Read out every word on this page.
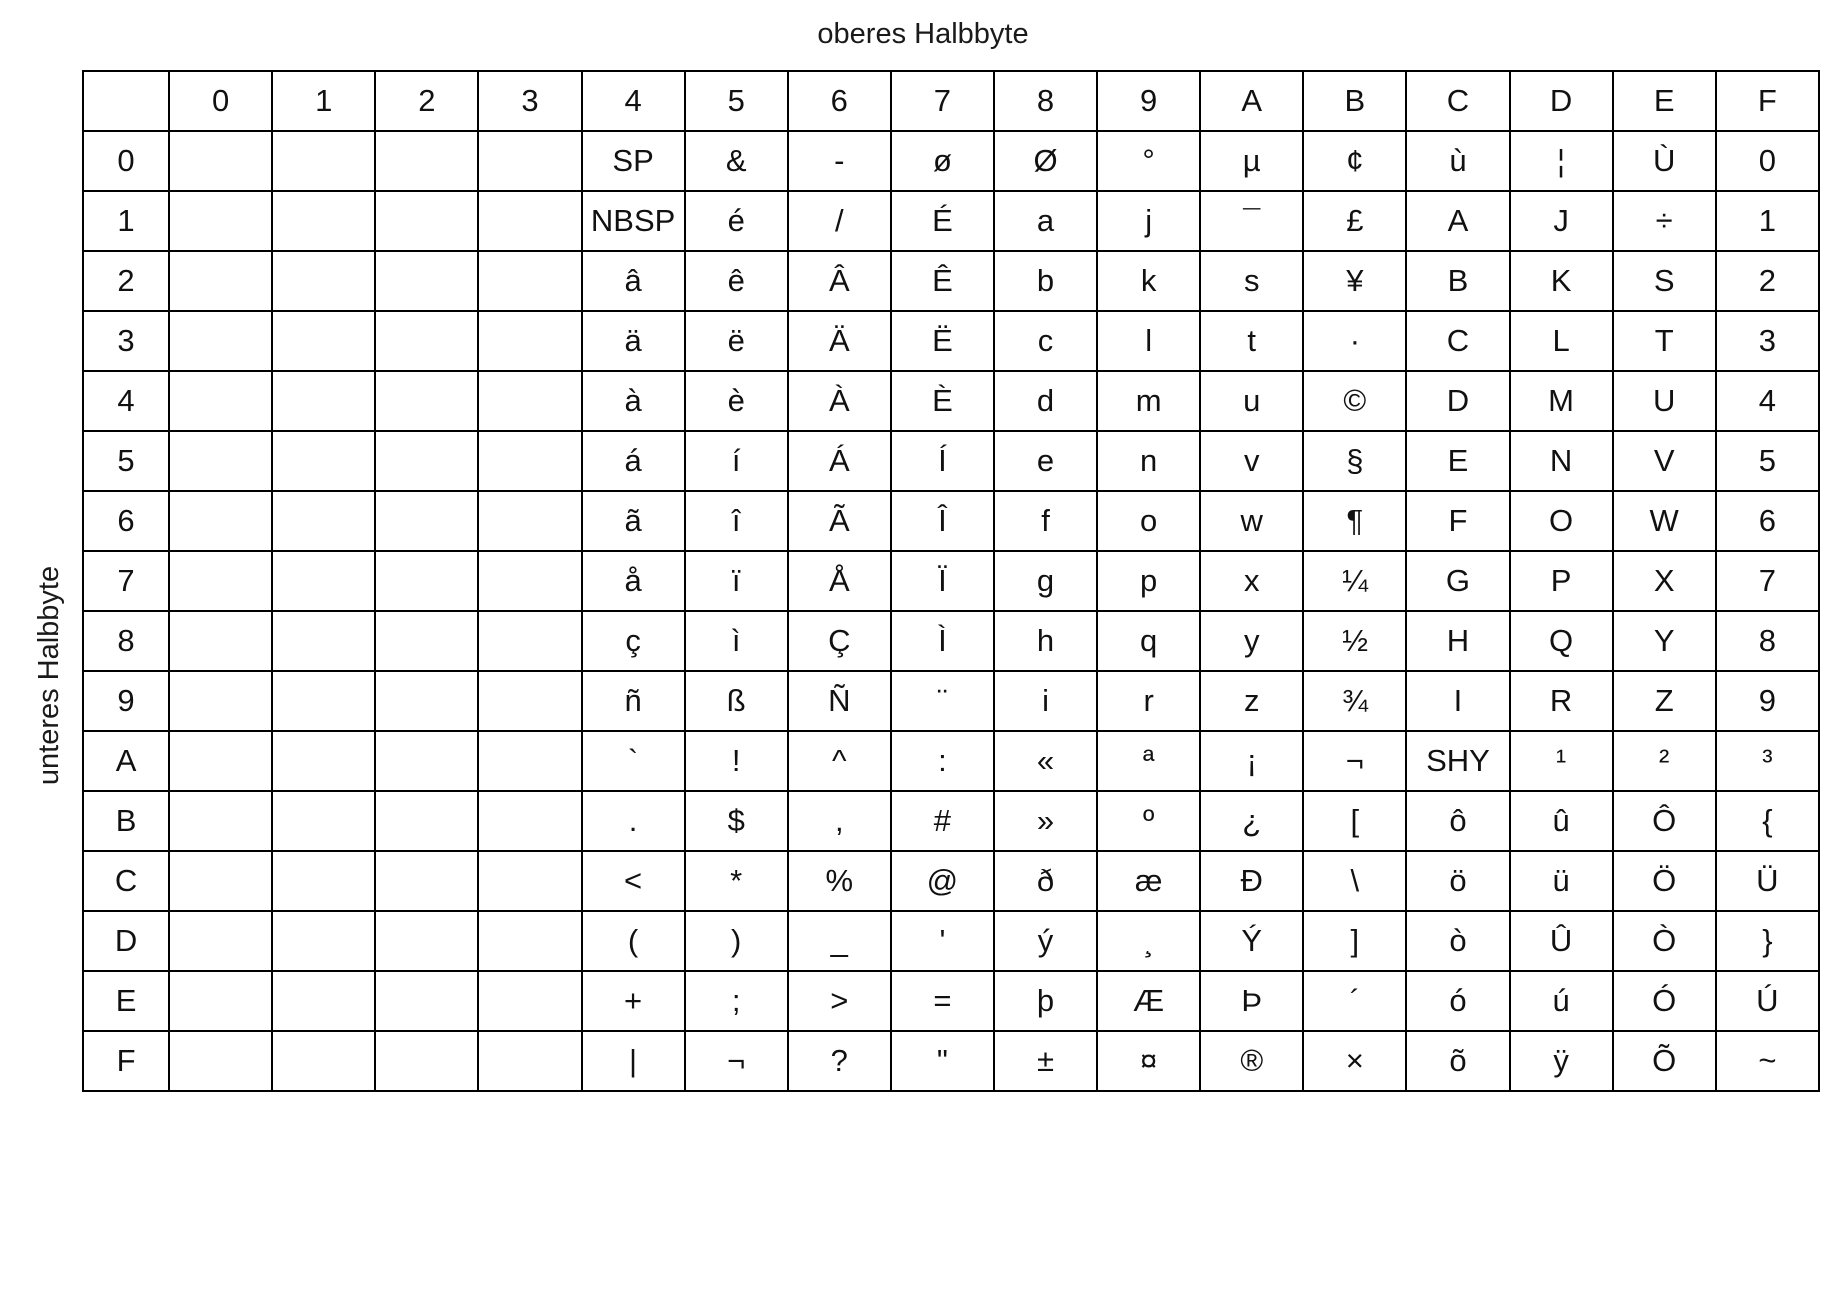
oberes Halbbyte
unteres Halbbyte
	0	1	2	3	4	5	6	7	8	9	A	B	C	D	E	F
0					SP	&	-	ø	Ø	°	µ	¢	ù	¦	Ù	0
1					NBSP	é	/	É	a	j	¯	£	A	J	÷	1
2					â	ê	Â	Ê	b	k	s	¥	B	K	S	2
3					ä	ë	Ä	Ë	c	l	t	·	C	L	T	3
4					à	è	À	È	d	m	u	©	D	M	U	4
5					á	í	Á	Í	e	n	v	§	E	N	V	5
6					ã	î	Ã	Î	f	o	w	¶	F	O	W	6
7					å	ï	Å	Ï	g	p	x	¼	G	P	X	7
8					ç	ì	Ç	Ì	h	q	y	½	H	Q	Y	8
9					ñ	ß	Ñ	¨	i	r	z	¾	I	R	Z	9
A					`	!	^	:	«	ª	¡	¬	SHY	¹	²	³
B					.	$	,	#	»	º	¿	[	ô	û	Ô	{
C					<	*	%	@	ð	æ	Ð	\	ö	ü	Ö	Ü
D					(	)	_	'	ý	¸	Ý	]	ò	Û	Ò	}
E					+	;	>	=	þ	Æ	Þ	´	ó	ú	Ó	Ú
F					|	¬	?	"	±	¤	®	×	õ	ÿ	Õ	~
